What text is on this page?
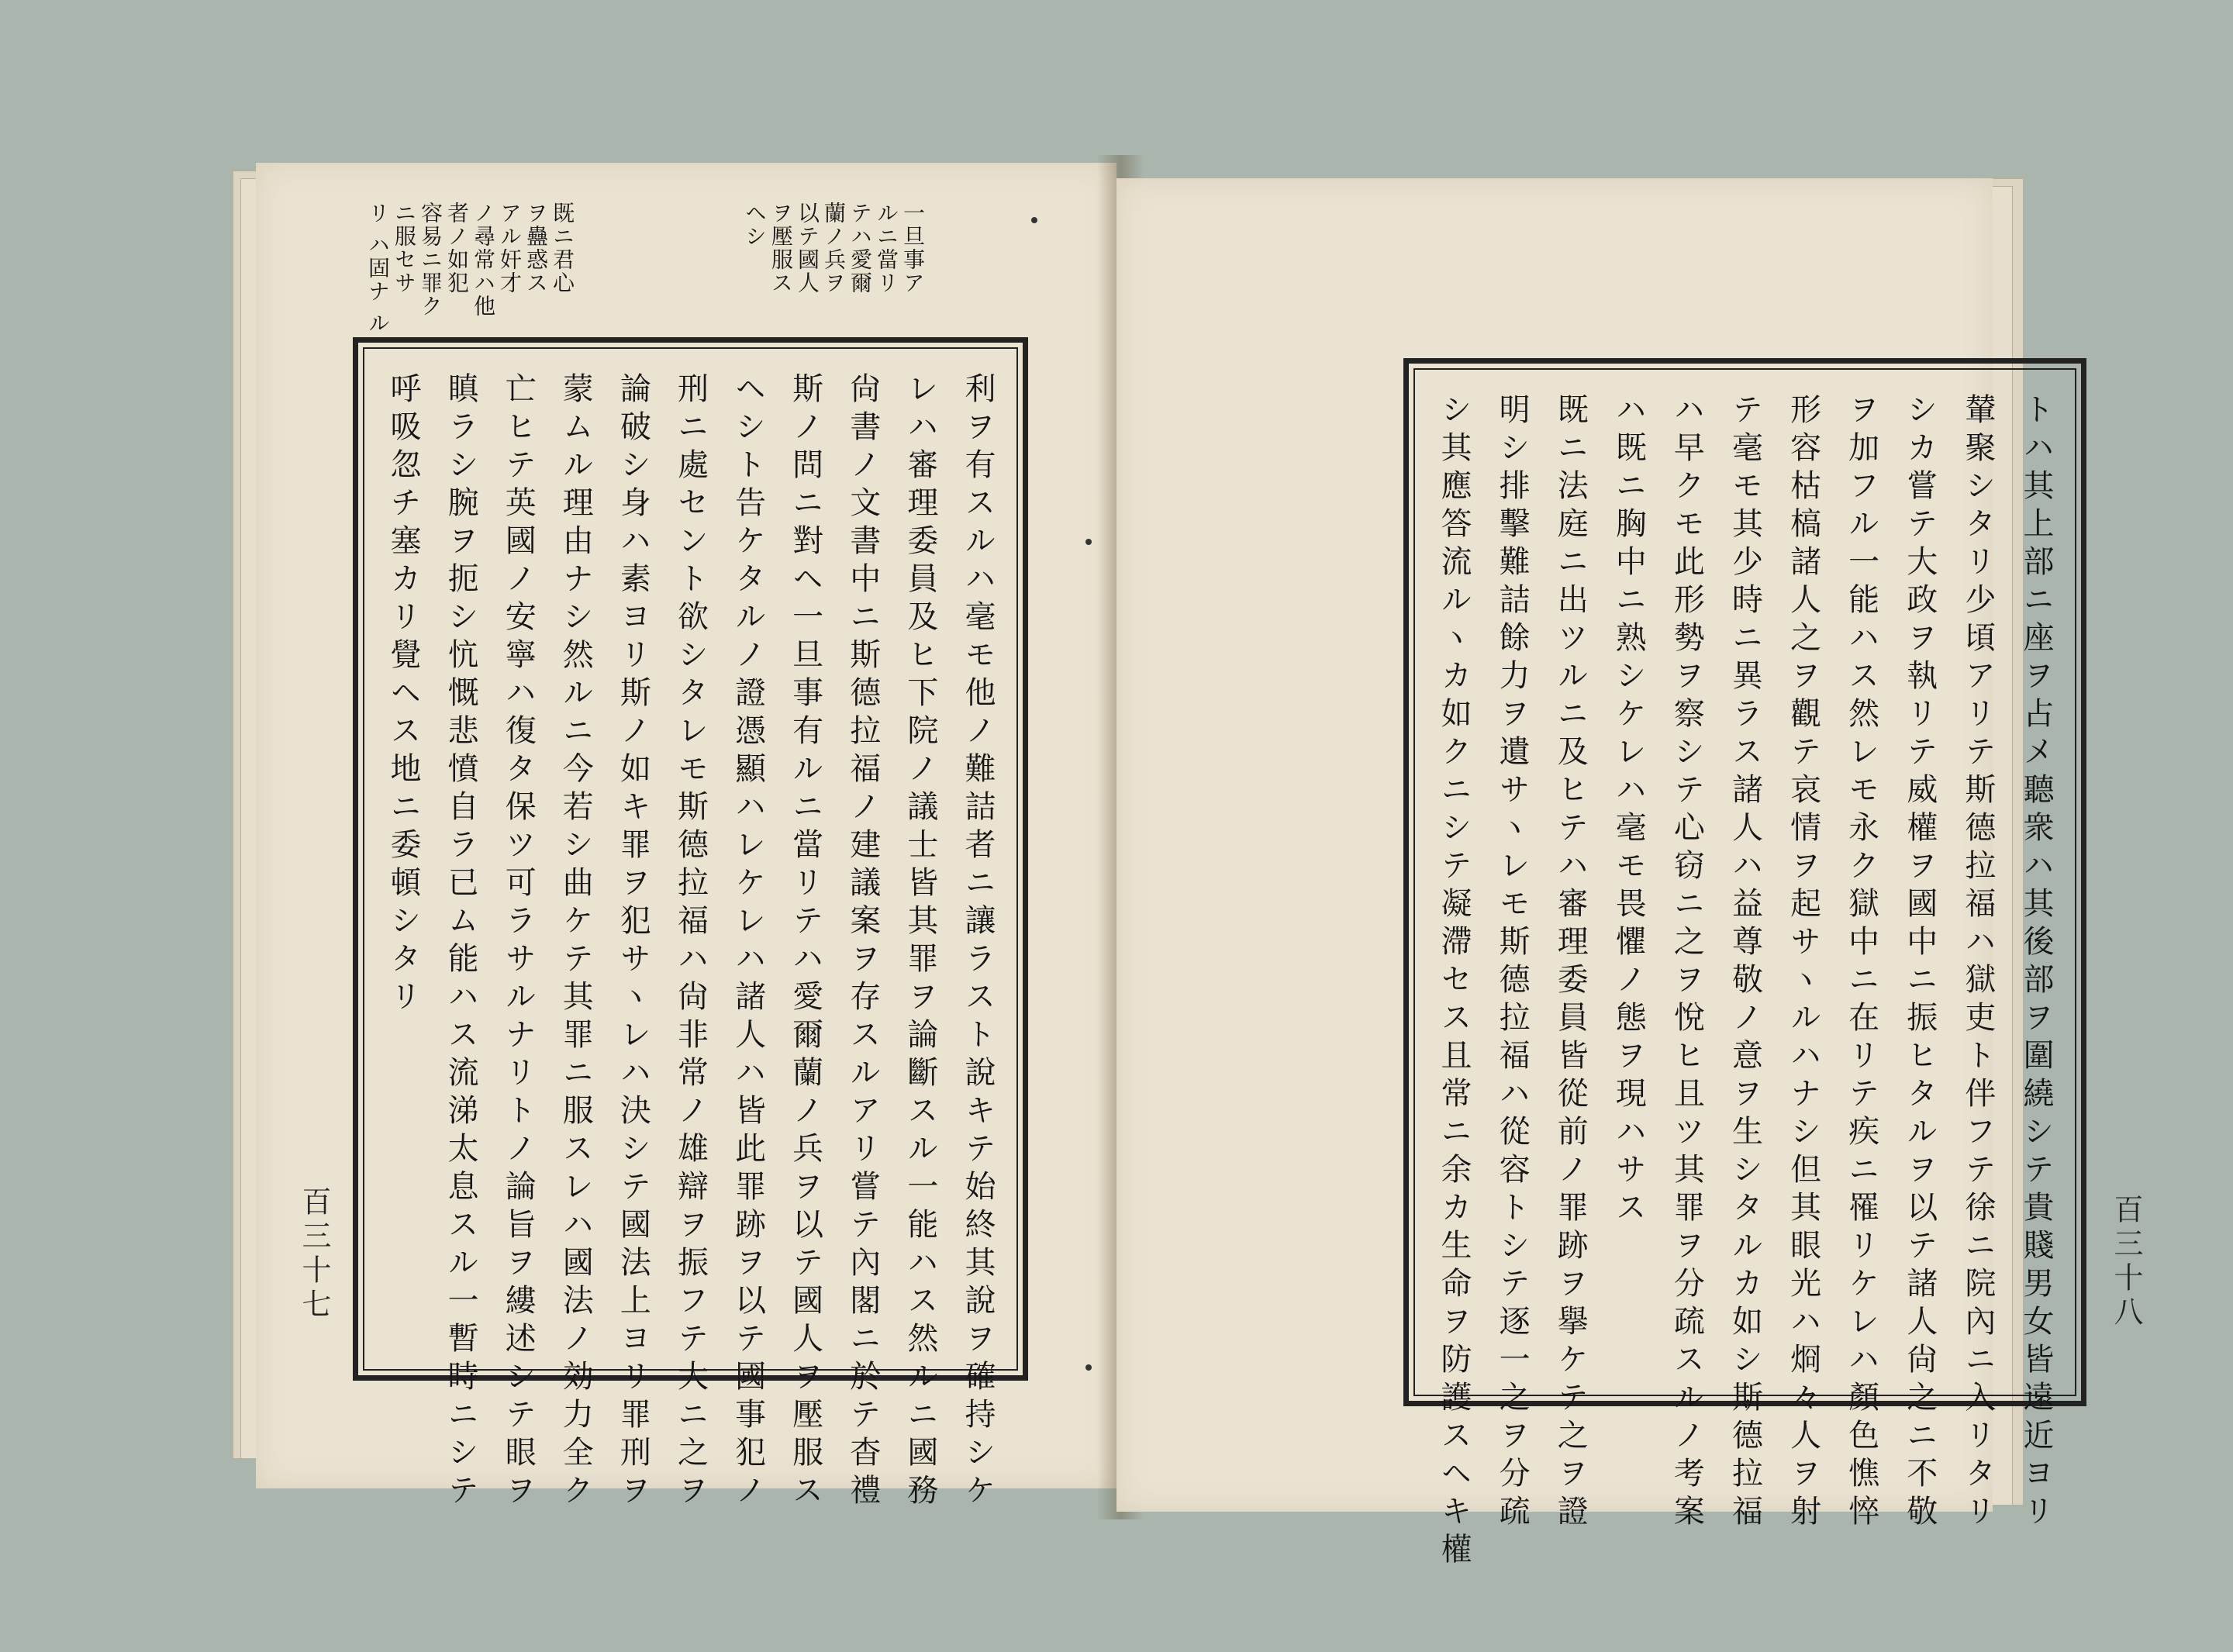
既ニ君心
ヲ蠱惑ス
アル奸才
ノ尋常ハ他
者ノ如犯
容易ニ罪ク
ニ服セサ
リ ハ固ナ ル	一旦事ア
ルニ當リ
テハ愛爾
蘭ノ兵ヲ
以テ國人
ヲ壓服ス
ヘシ
利ヲ有スルハ毫モ他ノ難詰者ニ讓ラスト說キテ始終其說ヲ確持シケ
レハ審理委員及ヒ下院ノ議士皆其罪ヲ論斷スル一能ハス然ルニ國務
尙書ノ文書中ニ斯德拉福ノ建議案ヲ存スルアリ嘗テ內閣ニ於テ杳禮
斯ノ問ニ對ヘ一旦事有ルニ當リテハ愛爾蘭ノ兵ヲ以テ國人ヲ壓服ス
ヘシト告ケタルノ證憑顯ハレケレハ諸人ハ皆此罪跡ヲ以テ國事犯ノ
刑ニ處セント欲シタレモ斯德拉福ハ尙非常ノ雄辯ヲ振フテ大ニ之ヲ
論破シ身ハ素ヨリ斯ノ如キ罪ヲ犯サヽレハ決シテ國法上ヨリ罪刑ヲ
蒙ムル理由ナシ然ルニ今若シ曲ケテ其罪ニ服スレハ國法ノ効力全ク
亡ヒテ英國ノ安寧ハ復タ保ツ可ラサルナリトノ論旨ヲ縷述シテ眼ヲ
瞋ラシ腕ヲ扼シ忼慨悲憤自ラ已ム能ハス流涕太息スル一暫時ニシテ
呼吸忽チ塞カリ覺ヘス地ニ委頓シタリ
百三十七	トハ其上部ニ座ヲ占メ聽衆ハ其後部ヲ圍繞シテ貴賤男女皆遠近ヨリ
輦聚シタリ少頃アリテ斯德拉福ハ獄吏ト伴フテ徐ニ院內ニ入リタリ
シカ嘗テ大政ヲ執リテ威權ヲ國中ニ振ヒタルヲ以テ諸人尙之ニ不敬
ヲ加フル一能ハス然レモ永ク獄中ニ在リテ疾ニ罹リケレハ顏色憔悴
形容枯槁諸人之ヲ觀テ哀情ヲ起サヽルハナシ但其眼光ハ烱々人ヲ射
テ毫モ其少時ニ異ラス諸人ハ益尊敬ノ意ヲ生シタルカ如シ斯德拉福
ハ早クモ此形勢ヲ察シテ心窃ニ之ヲ悅ヒ且ツ其罪ヲ分疏スルノ考案
ハ既ニ胸中ニ熟シケレハ毫モ畏懼ノ態ヲ現ハサス
既ニ法庭ニ出ツルニ及ヒテハ審理委員皆從前ノ罪跡ヲ擧ケテ之ヲ證
明シ排擊難詰餘力ヲ遺サヽレモ斯德拉福ハ從容トシテ逐一之ヲ分疏
シ其應答流ルヽカ如クニシテ凝滯セス且常ニ余カ生命ヲ防護スヘキ權	百三十八
